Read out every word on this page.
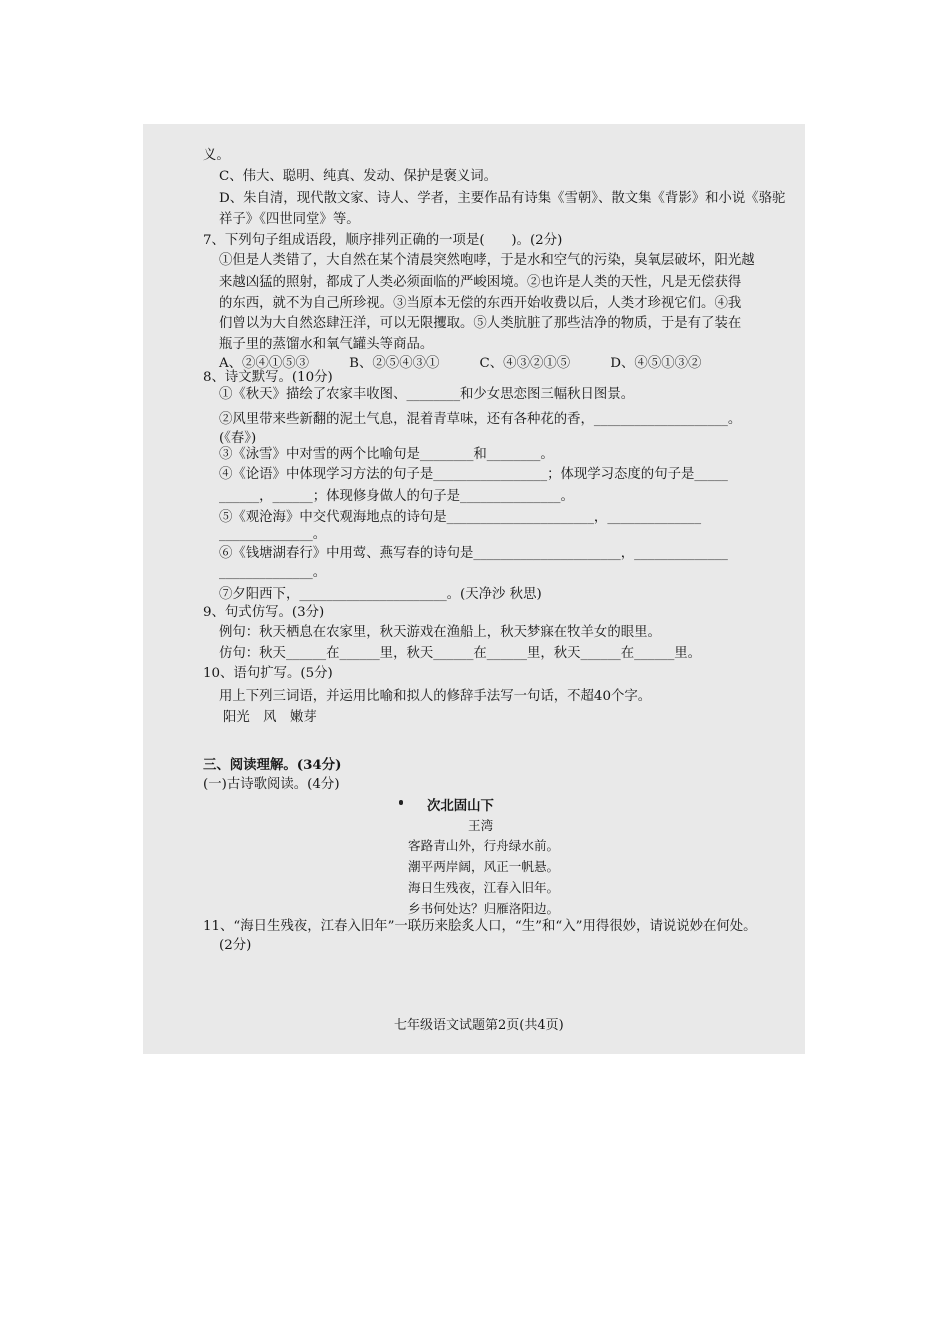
义。
C、伟大、聪明、纯真、发动、保护是褒义词。
D、朱自清，现代散文家、诗人、学者，主要作品有诗集《雪朝》、散文集《背影》和小说《骆驼
祥子》《四世同堂》等。
7、下列句子组成语段，顺序排列正确的一项是(　　)。(2分)
①但是人类错了，大自然在某个清晨突然咆哮，于是水和空气的污染，臭氧层破坏，阳光越
来越凶猛的照射，都成了人类必须面临的严峻困境。②也许是人类的天性，凡是无偿获得
的东西，就不为自己所珍视。③当原本无偿的东西开始收费以后，人类才珍视它们。④我
们曾以为大自然恣肆汪洋，可以无限攫取。⑤人类肮脏了那些洁净的物质，于是有了装在
瓶子里的蒸馏水和氧气罐头等商品。
A、②④①⑤③　　　B、②⑤④③①　　　C、④③②①⑤　　　D、④⑤①③②
8、诗文默写。(10分)
①《秋天》描绘了农家丰收图、________和少女思恋图三幅秋日图景。
②风里带来些新翻的泥土气息，混着青草味，还有各种花的香，____________________。
(《春》)
③《泳雪》中对雪的两个比喻句是________和________。
④《论语》中体现学习方法的句子是_________________；体现学习态度的句子是_____
______，______；体现修身做人的句子是_______________。
⑤《观沧海》中交代观海地点的诗句是______________________，______________
______________。
⑥《钱塘湖春行》中用莺、燕写春的诗句是______________________，______________
______________。
⑦夕阳西下，______________________。(天净沙 秋思)
9、句式仿写。(3分)
例句：秋天栖息在农家里，秋天游戏在渔船上，秋天梦寐在牧羊女的眼里。
仿句：秋天______在______里，秋天______在______里，秋天______在______里。
10、语句扩写。(5分)
用上下列三词语，并运用比喻和拟人的修辞手法写一句话，不超40个字。
阳光　风　嫩芽
三、阅读理解。(34分)
(一)古诗歌阅读。(4分)
次北固山下
王湾
客路青山外，行舟绿水前。
潮平两岸阔，风正一帆悬。
海日生残夜，江春入旧年。
乡书何处达？归雁洛阳边。
11、“海日生残夜，江春入旧年”一联历来脍炙人口，“生”和“入”用得很妙，请说说妙在何处。
(2分)
七年级语文试题第2页(共4页)
